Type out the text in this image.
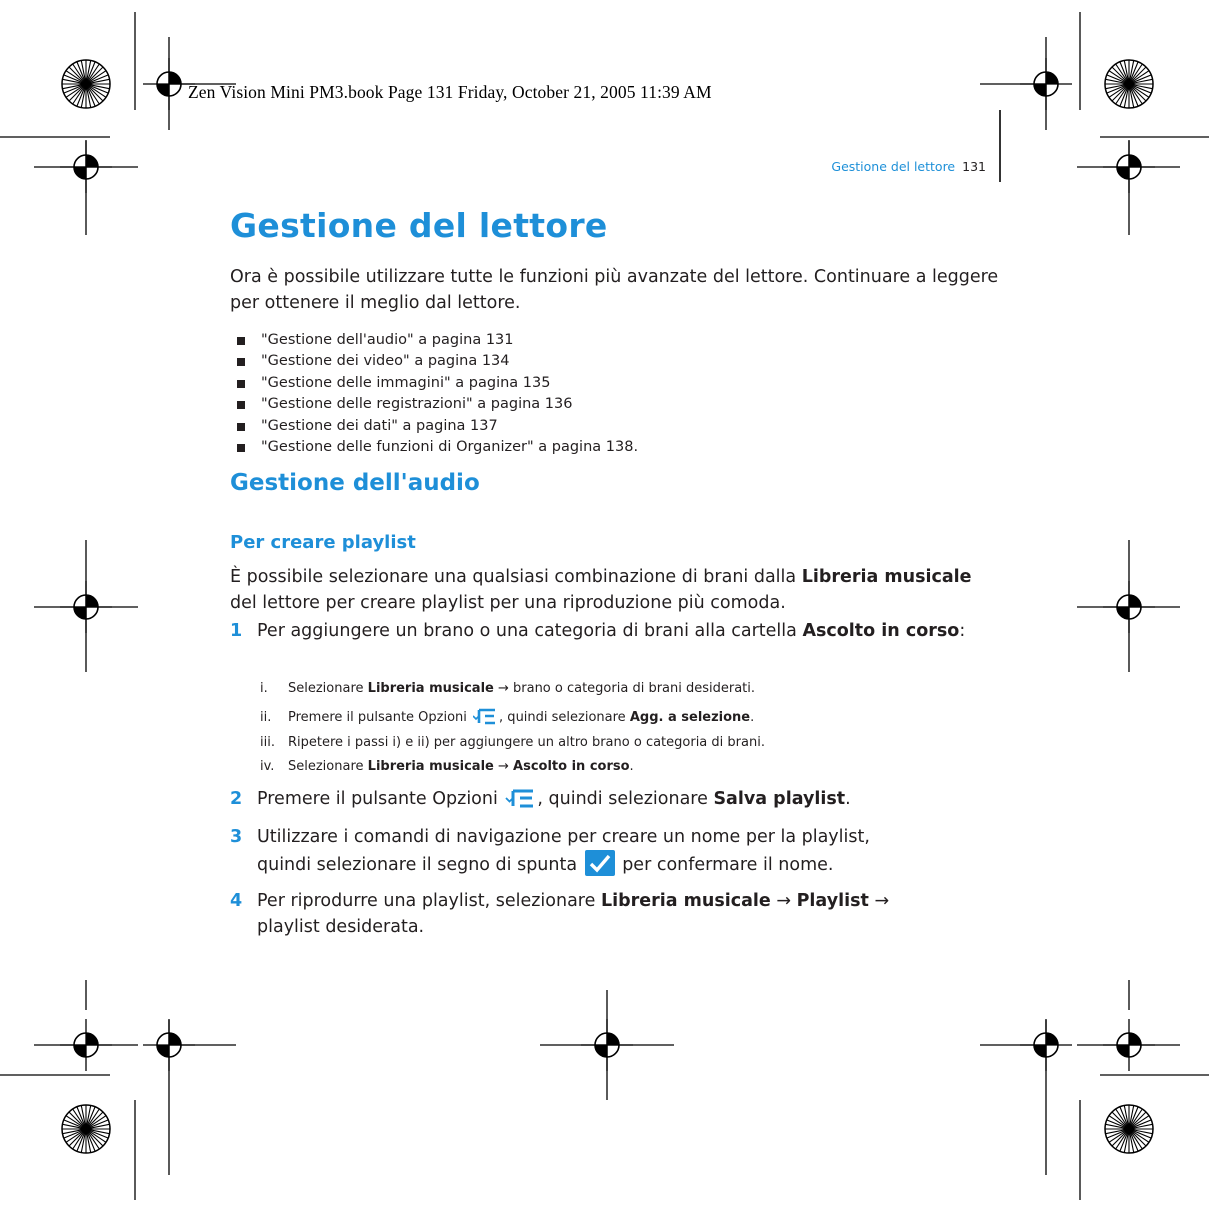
Zen Vision Mini PM3.book Page 131 Friday, October 21, 2005 11:39 AM
Gestione del lettore 131
Gestione del lettore

Ora è possibile utilizzare tutte le funzioni più avanzate del lettore. Continuare a leggere per ottenere il meglio dal lettore.

"Gestione dell'audio" a pagina 131
"Gestione dei video" a pagina 134
"Gestione delle immagini" a pagina 135
"Gestione delle registrazioni" a pagina 136
"Gestione dei dati" a pagina 137
"Gestione delle funzioni di Organizer" a pagina 138.
Gestione dell'audio
Per creare playlist

È possibile selezionare una qualsiasi combinazione di brani dalla Libreria musicale del lettore per creare playlist per una riproduzione più comoda.

1 Per aggiungere un brano o una categoria di brani alla cartella Ascolto in corso:
i. Selezionare Libreria musicale → brano o categoria di brani desiderati.
ii. Premere il pulsante Opzioni , quindi selezionare Agg. a selezione.
iii. Ripetere i passi i) e ii) per aggiungere un altro brano o categoria di brani.
iv. Selezionare Libreria musicale → Ascolto in corso.
2 Premere il pulsante Opzioni , quindi selezionare Salva playlist.
3 Utilizzare i comandi di navigazione per creare un nome per la playlist,
quindi selezionare il segno di spunta  per confermare il nome.
4 Per riprodurre una playlist, selezionare Libreria musicale → Playlist →
playlist desiderata.
